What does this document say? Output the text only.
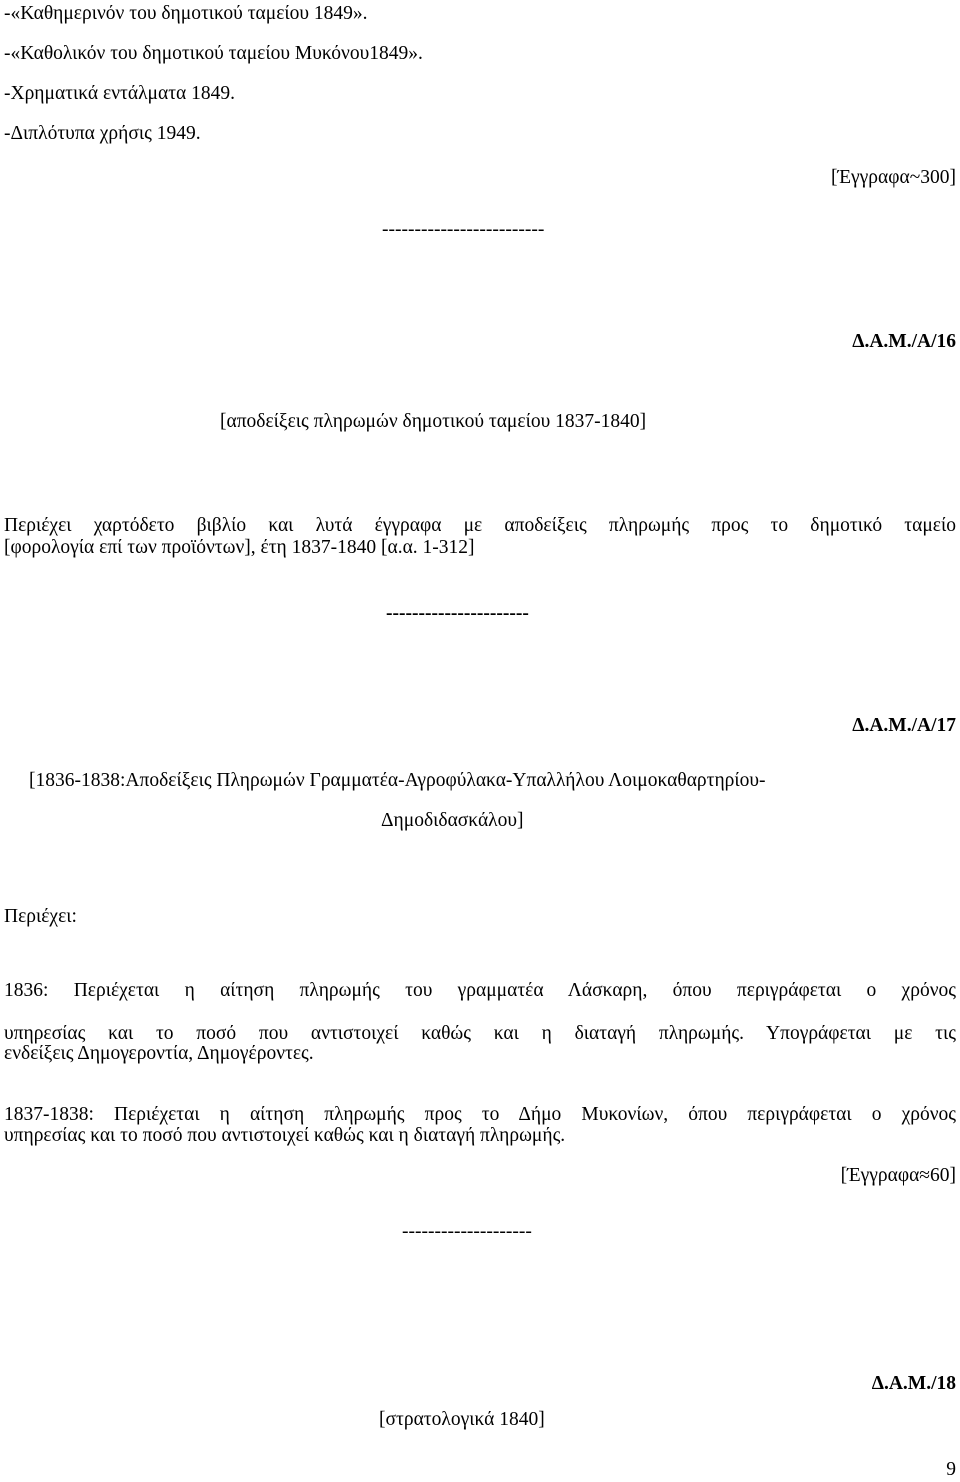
-«Καθημερινόν του δημοτικού ταμείου 1849».

-«Καθολικόν του δημοτικού ταμείου Μυκόνου1849».

-Χρηματικά εντάλματα 1849.

-Διπλότυπα χρήσις 1949.

[Έγγραφα~300]

-------------------------

Δ.Α.Μ./Α/16

[αποδείξεις πληρωμών δημοτικού ταμείου 1837-1840]

Περιέχει χαρτόδετο βιβλίο και λυτά έγγραφα με αποδείξεις πληρωμής προς το δημοτικό ταμείο

[φορολογία επί των προϊόντων], έτη 1837-1840 [α.α. 1-312]

----------------------

Δ.Α.Μ./Α/17

[1836-1838:Αποδείξεις Πληρωμών Γραμματέα-Αγροφύλακα-Υπαλλήλου Λοιμοκαθαρτηρίου-

Δημοδιδασκάλου]

Περιέχει:

1836: Περιέχεται η αίτηση πληρωμής του γραμματέα Λάσκαρη, όπου περιγράφεται ο χρόνος

υπηρεσίας και το ποσό που αντιστοιχεί καθώς και η διαταγή πληρωμής. Υπογράφεται με τις

ενδείξεις Δημογεροντία, Δημογέροντες.

1837-1838: Περιέχεται η αίτηση πληρωμής προς το Δήμο Μυκονίων, όπου περιγράφεται ο χρόνος

υπηρεσίας και το ποσό που αντιστοιχεί καθώς και η διαταγή πληρωμής.

[Έγγραφα≈60]

--------------------

Δ.Α.Μ./18

[στρατολογικά 1840]

9
